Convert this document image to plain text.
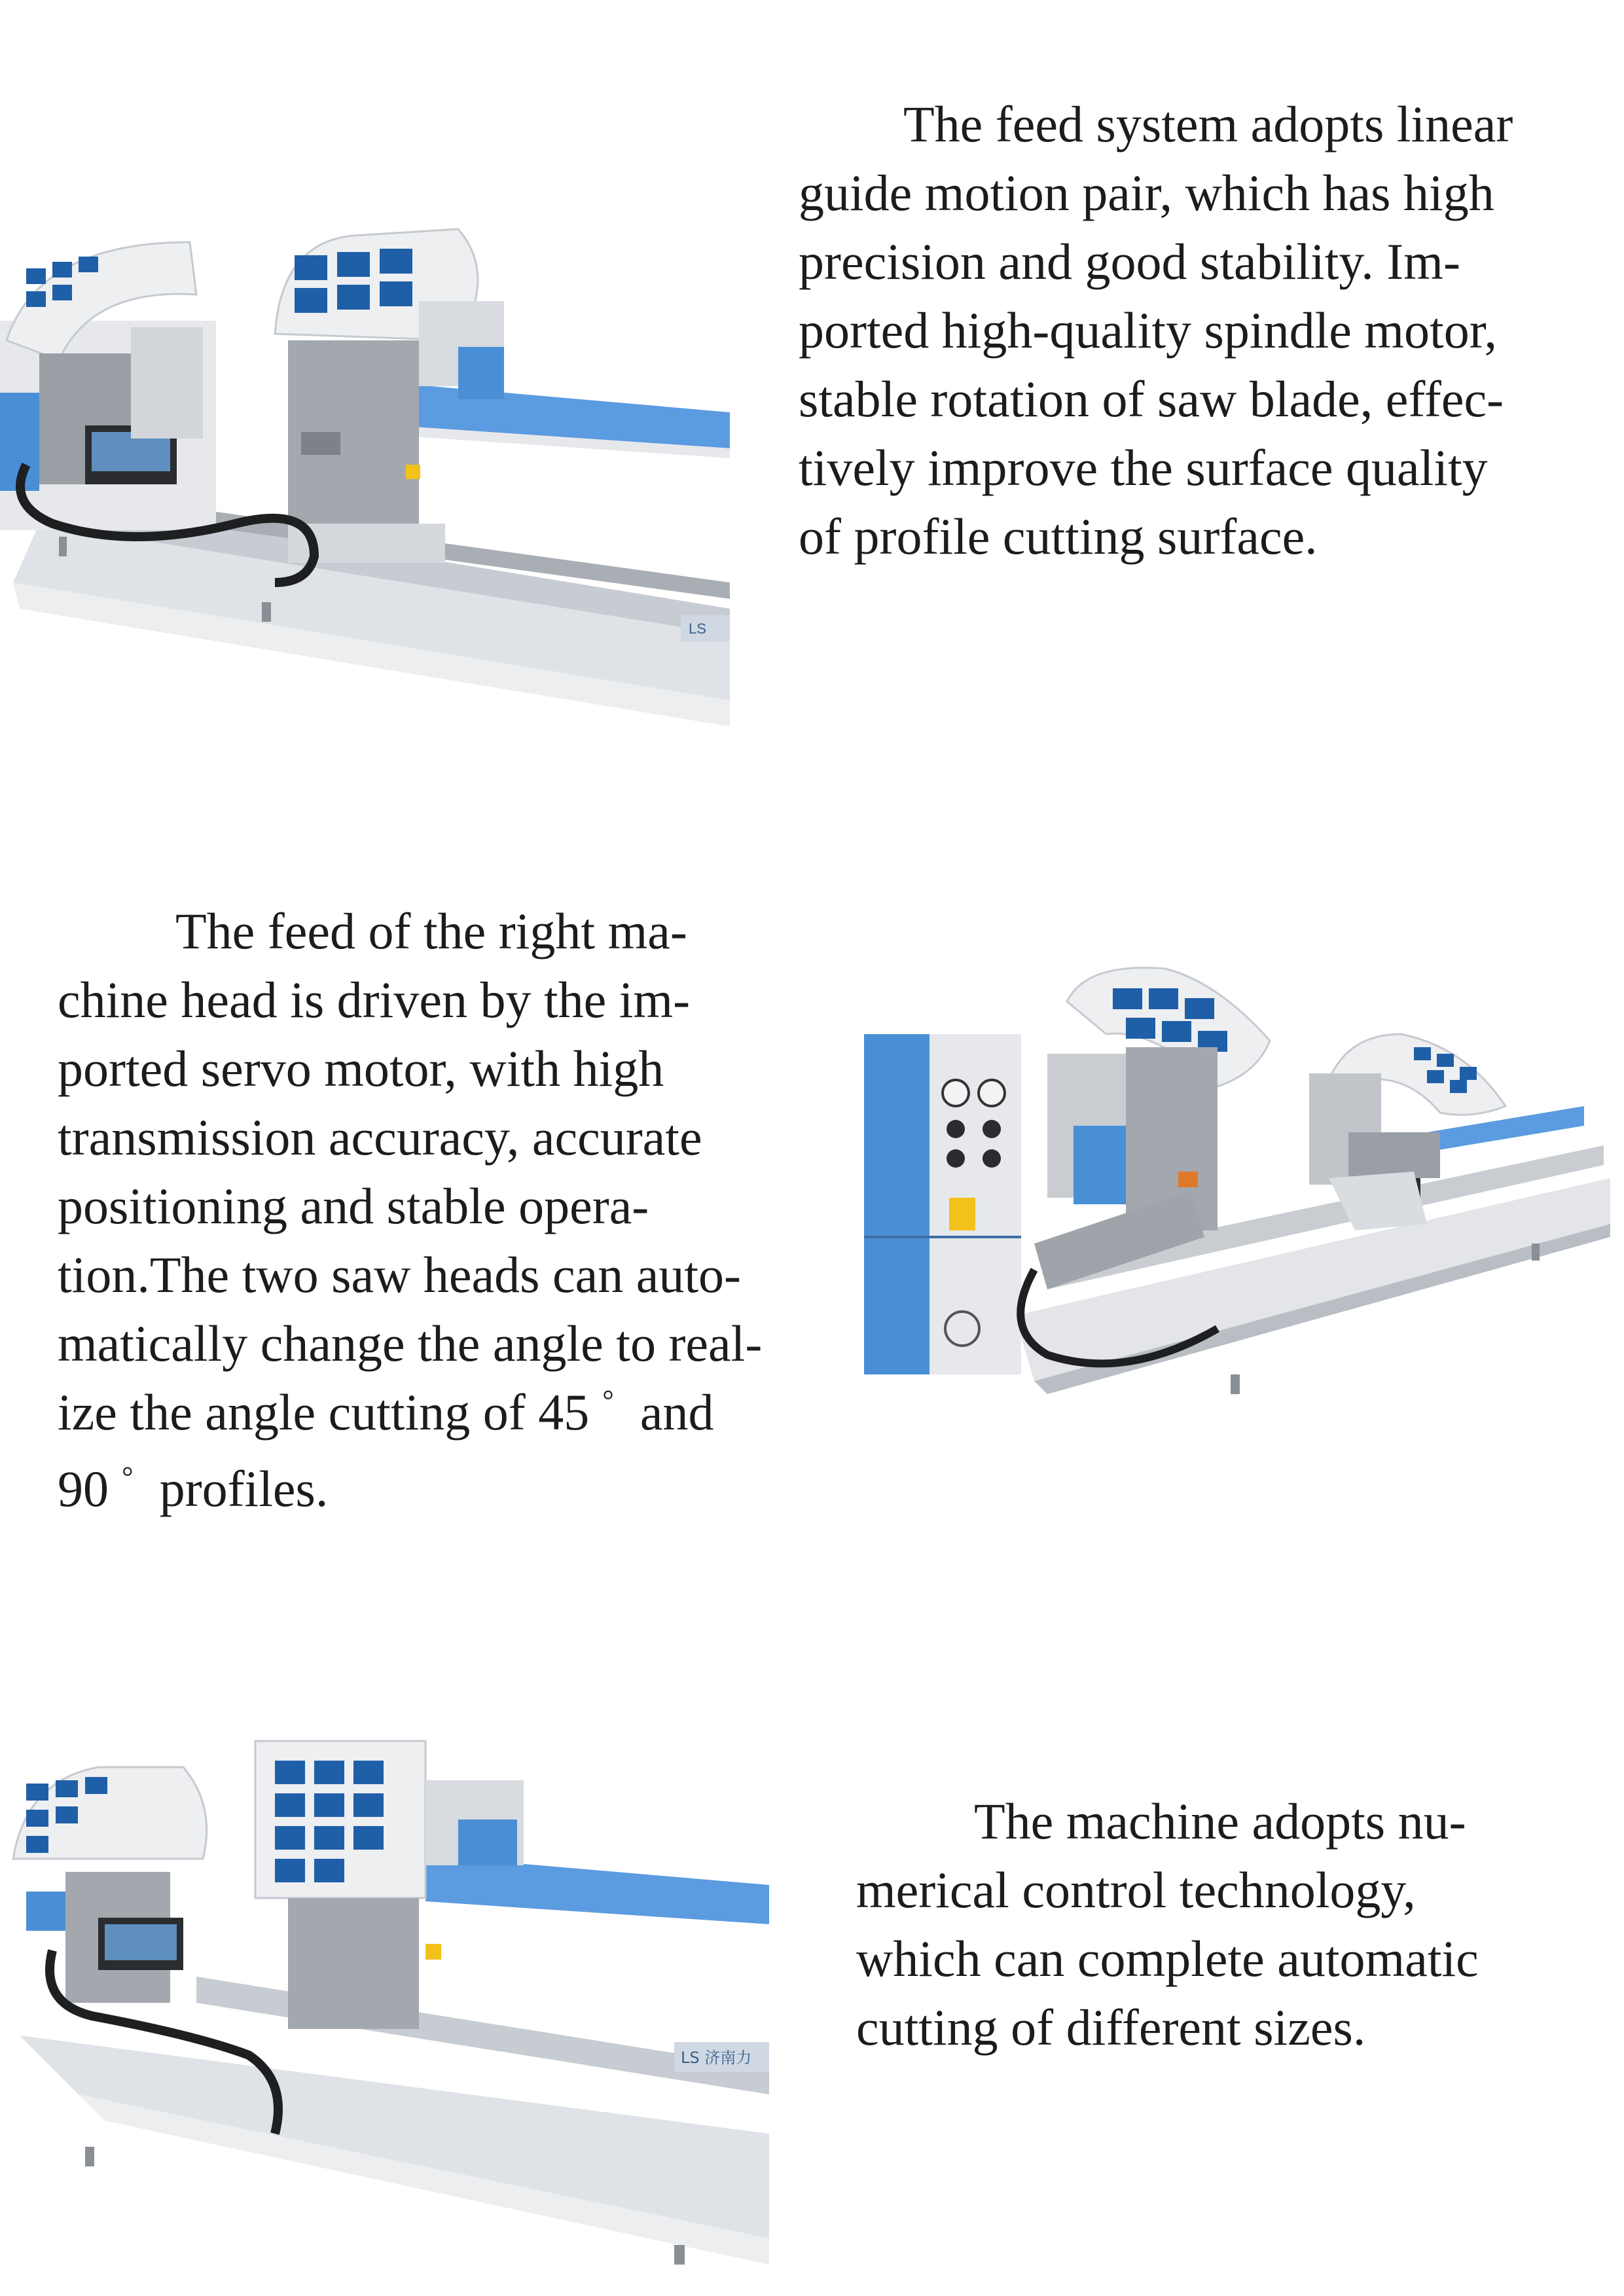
LS

The feed system adopts linear

guide motion pair, which has high

precision and good stability. Im-

ported high-quality spindle motor,

stable rotation of saw blade, effec-

tively improve the surface quality

of profile cutting surface.

The feed of the right ma-

chine head is driven by the im-

ported servo motor, with high

transmission accuracy, accurate

positioning and stable opera-

tion.The two saw heads can auto-

matically change the angle to real-

ize the angle cutting of 45 ° and

90 ° profiles.

LS 济南力

The machine adopts nu-

merical control technology,

which can complete automatic

cutting of different sizes.
